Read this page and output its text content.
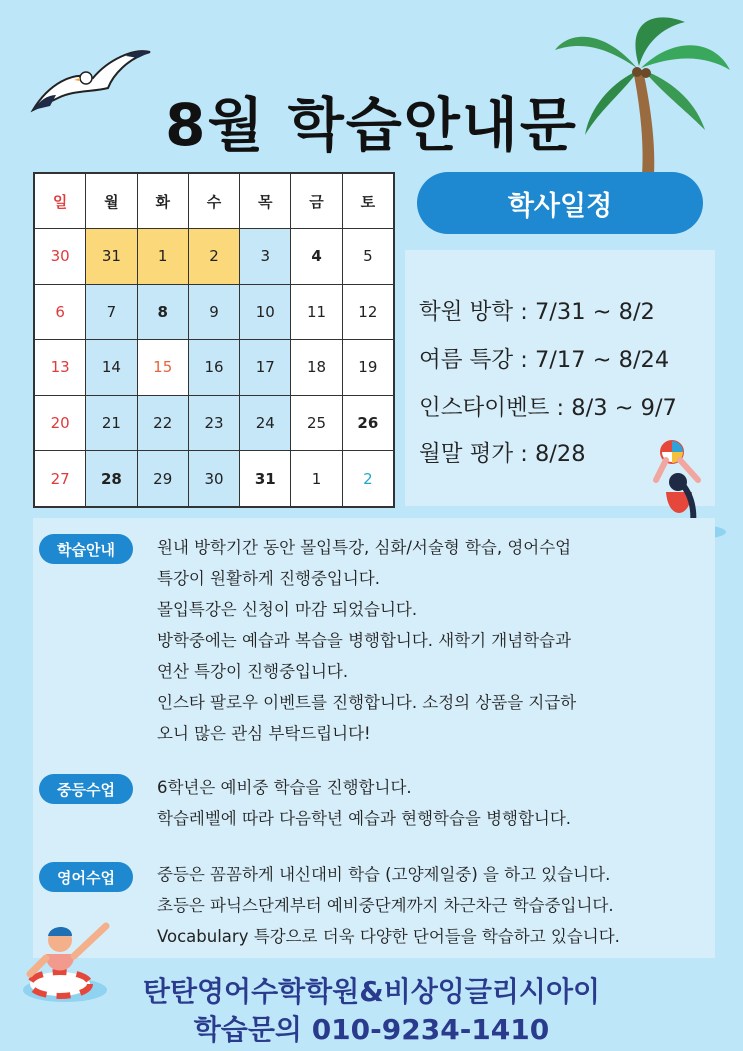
8월 학습안내문
일	월	화	수	목	금	토
30	31	1	2	3	4	5
6	7	8	9	10	11	12
13	14	15	16	17	18	19
20	21	22	23	24	25	26
27	28	29	30	31	1	2
학사일정
학원 방학 : 7/31 ~ 8/2
여름 특강 : 7/17 ~ 8/24
인스타이벤트 : 8/3 ~ 9/7
월말 평가 : 8/28
학습안내	원내 방학기간 동안 몰입특강, 심화/서술형 학습, 영어수업
특강이 원활하게 진행중입니다.
몰입특강은 신청이 마감 되었습니다.
방학중에는 예습과 복습을 병행합니다. 새학기 개념학습과
연산 특강이 진행중입니다.
인스타 팔로우 이벤트를 진행합니다. 소정의 상품을 지급하
오니 많은 관심 부탁드립니다!
중등수업	6학년은 예비중 학습을 진행합니다.
학습레벨에 따라 다음학년 예습과 현행학습을 병행합니다.
영어수업	중등은 꼼꼼하게 내신대비 학습 (고양제일중) 을 하고 있습니다.
초등은 파닉스단계부터 예비중단계까지 차근차근 학습중입니다.
Vocabulary 특강으로 더욱 다양한 단어들을 학습하고 있습니다.
탄탄영어수학학원&비상잉글리시아이
학습문의 010-9234-1410
